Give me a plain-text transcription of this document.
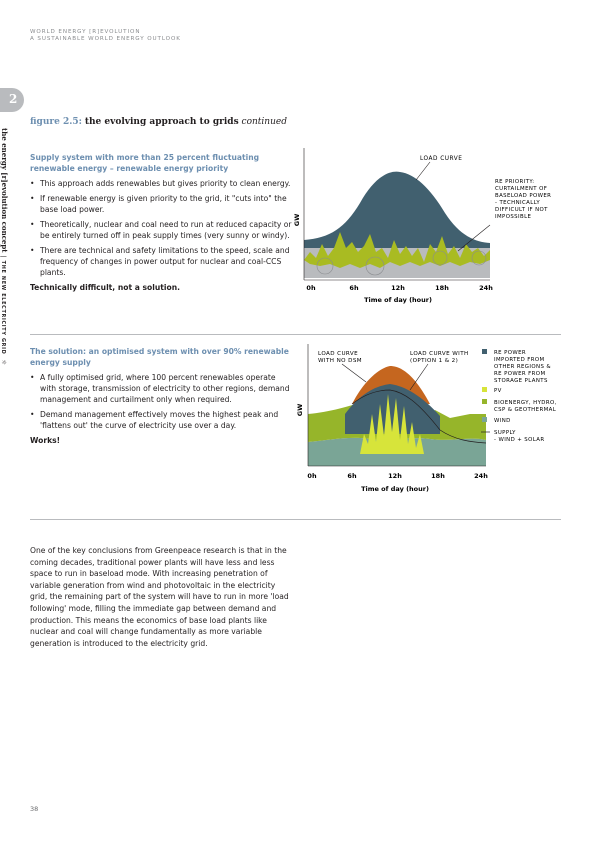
WORLD ENERGY [R]EVOLUTION
A SUSTAINABLE WORLD ENERGY OUTLOOK
2
the energy [r]evolution concept|THE NEW ELECTRICITY GRID ☼
figure 2.5: the evolving approach to grids continued
Supply system with more than 25 percent fluctuating renewable energy – renewable energy priority
• This approach adds renewables but gives priority to clean energy.
• If renewable energy is given priority to the grid, it "cuts into" the base load power.
• Theoretically, nuclear and coal need to run at reduced capacity or be entirely turned off in peak supply times (very sunny or windy).
• There are technical and safety limitations to the speed, scale and frequency of changes in power output for nuclear and coal-CCS plants.
Technically difficult, not a solution.
GW
0h	6h	12h	18h	24h
Time of day (hour)
LOAD CURVE
RE PRIORITY:
CURTAILMENT OF
BASELOAD POWER
- TECHNICALLY
DIFFICULT IF NOT
IMPOSSIBLE
The solution: an optimised system with over 90% renewable energy supply
• A fully optimised grid, where 100 percent renewables operate with storage, transmission of electricity to other regions, demand management and curtailment only when required.
• Demand management effectively moves the highest peak and 'flattens out' the curve of electricity use over a day.
Works!
GW
0h	6h	12h	18h	24h
Time of day (hour)
LOAD CURVE
WITH NO DSM
LOAD CURVE WITH
(OPTION 1 & 2)
RE POWER
IMPORTED FROM
OTHER REGIONS &
RE POWER FROM
STORAGE PLANTS
PV
BIOENERGY, HYDRO,
CSP & GEOTHERMAL
WIND
SUPPLY
- WIND + SOLAR
One of the key conclusions from Greenpeace research is that in the coming decades, traditional power plants will have less and less space to run in baseload mode. With increasing penetration of variable generation from wind and photovoltaic in the electricity grid, the remaining part of the system will have to run in more 'load following' mode, filling the immediate gap between demand and production. This means the economics of base load plants like nuclear and coal will change fundamentally as more variable generation is introduced to the electricity grid.
38
